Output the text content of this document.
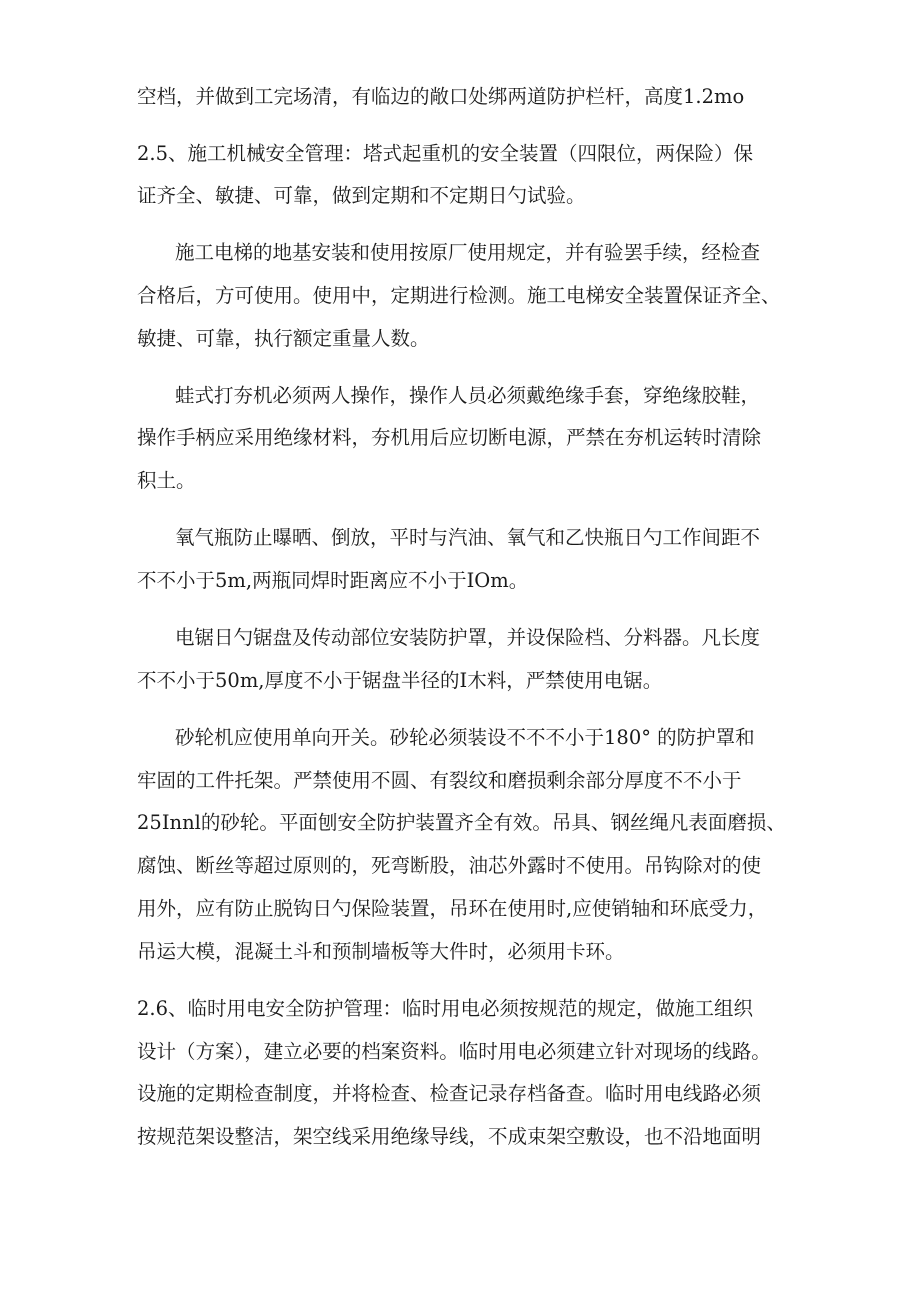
空档，并做到工完场清，有临边的敞口处绑两道防护栏杆，高度1.2mo
2.5、施工机械安全管理：塔式起重机的安全装置（四限位，两保险）保
证齐全、敏捷、可靠，做到定期和不定期日勺试验。
施工电梯的地基安装和使用按原厂使用规定，并有验罢手续，经检查
合格后，方可使用。使用中，定期进行检测。施工电梯安全装置保证齐全、
敏捷、可靠，执行额定重量人数。
蛙式打夯机必须两人操作，操作人员必须戴绝缘手套，穿绝缘胶鞋，
操作手柄应采用绝缘材料，夯机用后应切断电源，严禁在夯机运转时清除
积土。
氧气瓶防止曝晒、倒放，平时与汽油、氧气和乙快瓶日勺工作间距不
不不小于5m,两瓶同焊时距离应不小于IOm。
电锯日勺锯盘及传动部位安装防护罩，并设保险档、分料器。凡长度
不不小于50m,厚度不小于锯盘半径的I木料，严禁使用电锯。
砂轮机应使用单向开关。砂轮必须装设不不不小于180° 的防护罩和
牢固的工件托架。严禁使用不圆、有裂纹和磨损剩余部分厚度不不小于
25Innl的砂轮。平面刨安全防护装置齐全有效。吊具、钢丝绳凡表面磨损、
腐蚀、断丝等超过原则的，死弯断股，油芯外露时不使用。吊钩除对的使
用外，应有防止脱钩日勺保险装置，吊环在使用时,应使销轴和环底受力，
吊运大模，混凝土斗和预制墙板等大件时，必须用卡环。
2.6、临时用电安全防护管理：临时用电必须按规范的规定，做施工组织
设计（方案），建立必要的档案资料。临时用电必须建立针对现场的线路。
设施的定期检查制度，并将检查、检查记录存档备查。临时用电线路必须
按规范架设整洁，架空线采用绝缘导线，不成束架空敷设，也不沿地面明
